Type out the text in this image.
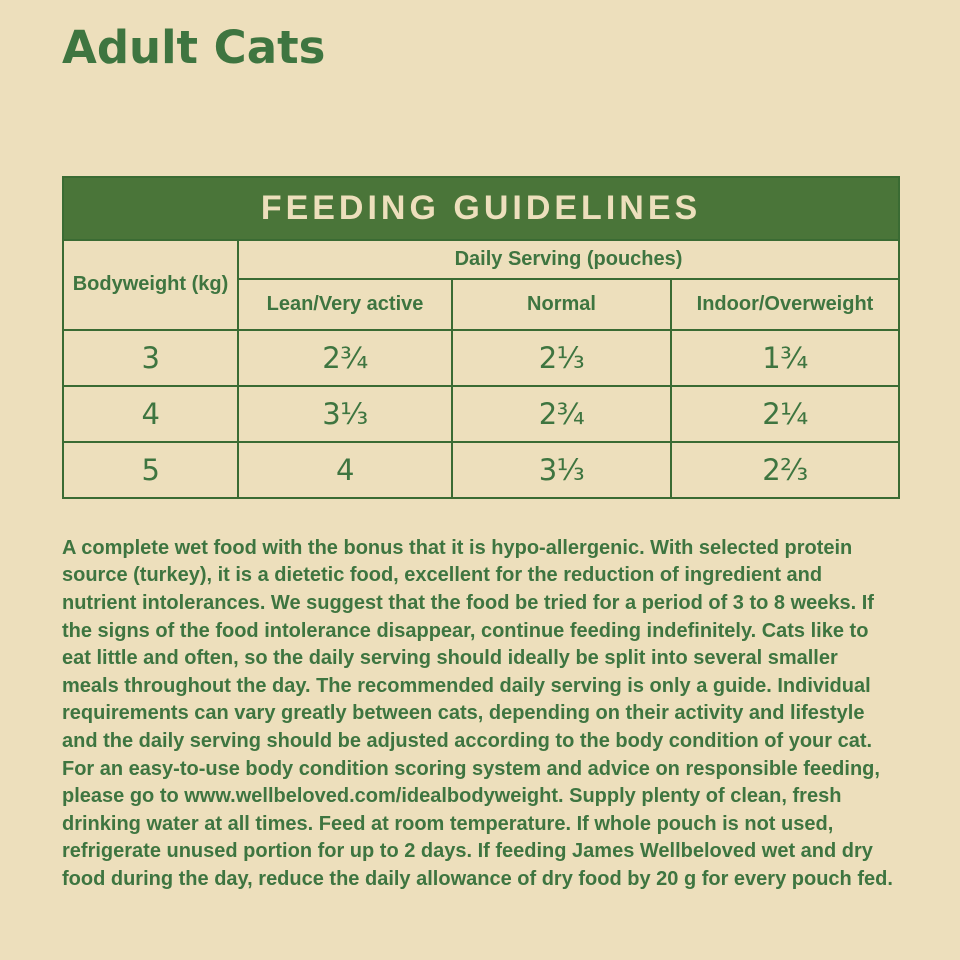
Adult Cats
FEEDING GUIDELINES			
Bodyweight (kg)	Daily Serving (pouches)		
	Lean/Very active	Normal	Indoor/Overweight
3	2¾	2⅓	1¾
4	3⅓	2¾	2¼
5	4	3⅓	2⅔

A complete wet food with the bonus that it is hypo-allergenic. With selected protein source (turkey), it is a dietetic food, excellent for the reduction of ingredient and nutrient intolerances. We suggest that the food be tried for a period of 3 to 8 weeks. If the signs of the food intolerance disappear, continue feeding indefinitely. Cats like to eat little and often, so the daily serving should ideally be split into several smaller meals throughout the day. The recommended daily serving is only a guide. Individual requirements can vary greatly between cats, depending on their activity and lifestyle and the daily serving should be adjusted according to the body condition of your cat. For an easy-to-use body condition scoring system and advice on responsible feeding, please go to www.wellbeloved.com/idealbodyweight. Supply plenty of clean, fresh drinking water at all times. Feed at room temperature. If whole pouch is not used, refrigerate unused portion for up to 2 days. If feeding James Wellbeloved wet and dry food during the day, reduce the daily allowance of dry food by 20 g for every pouch fed.
